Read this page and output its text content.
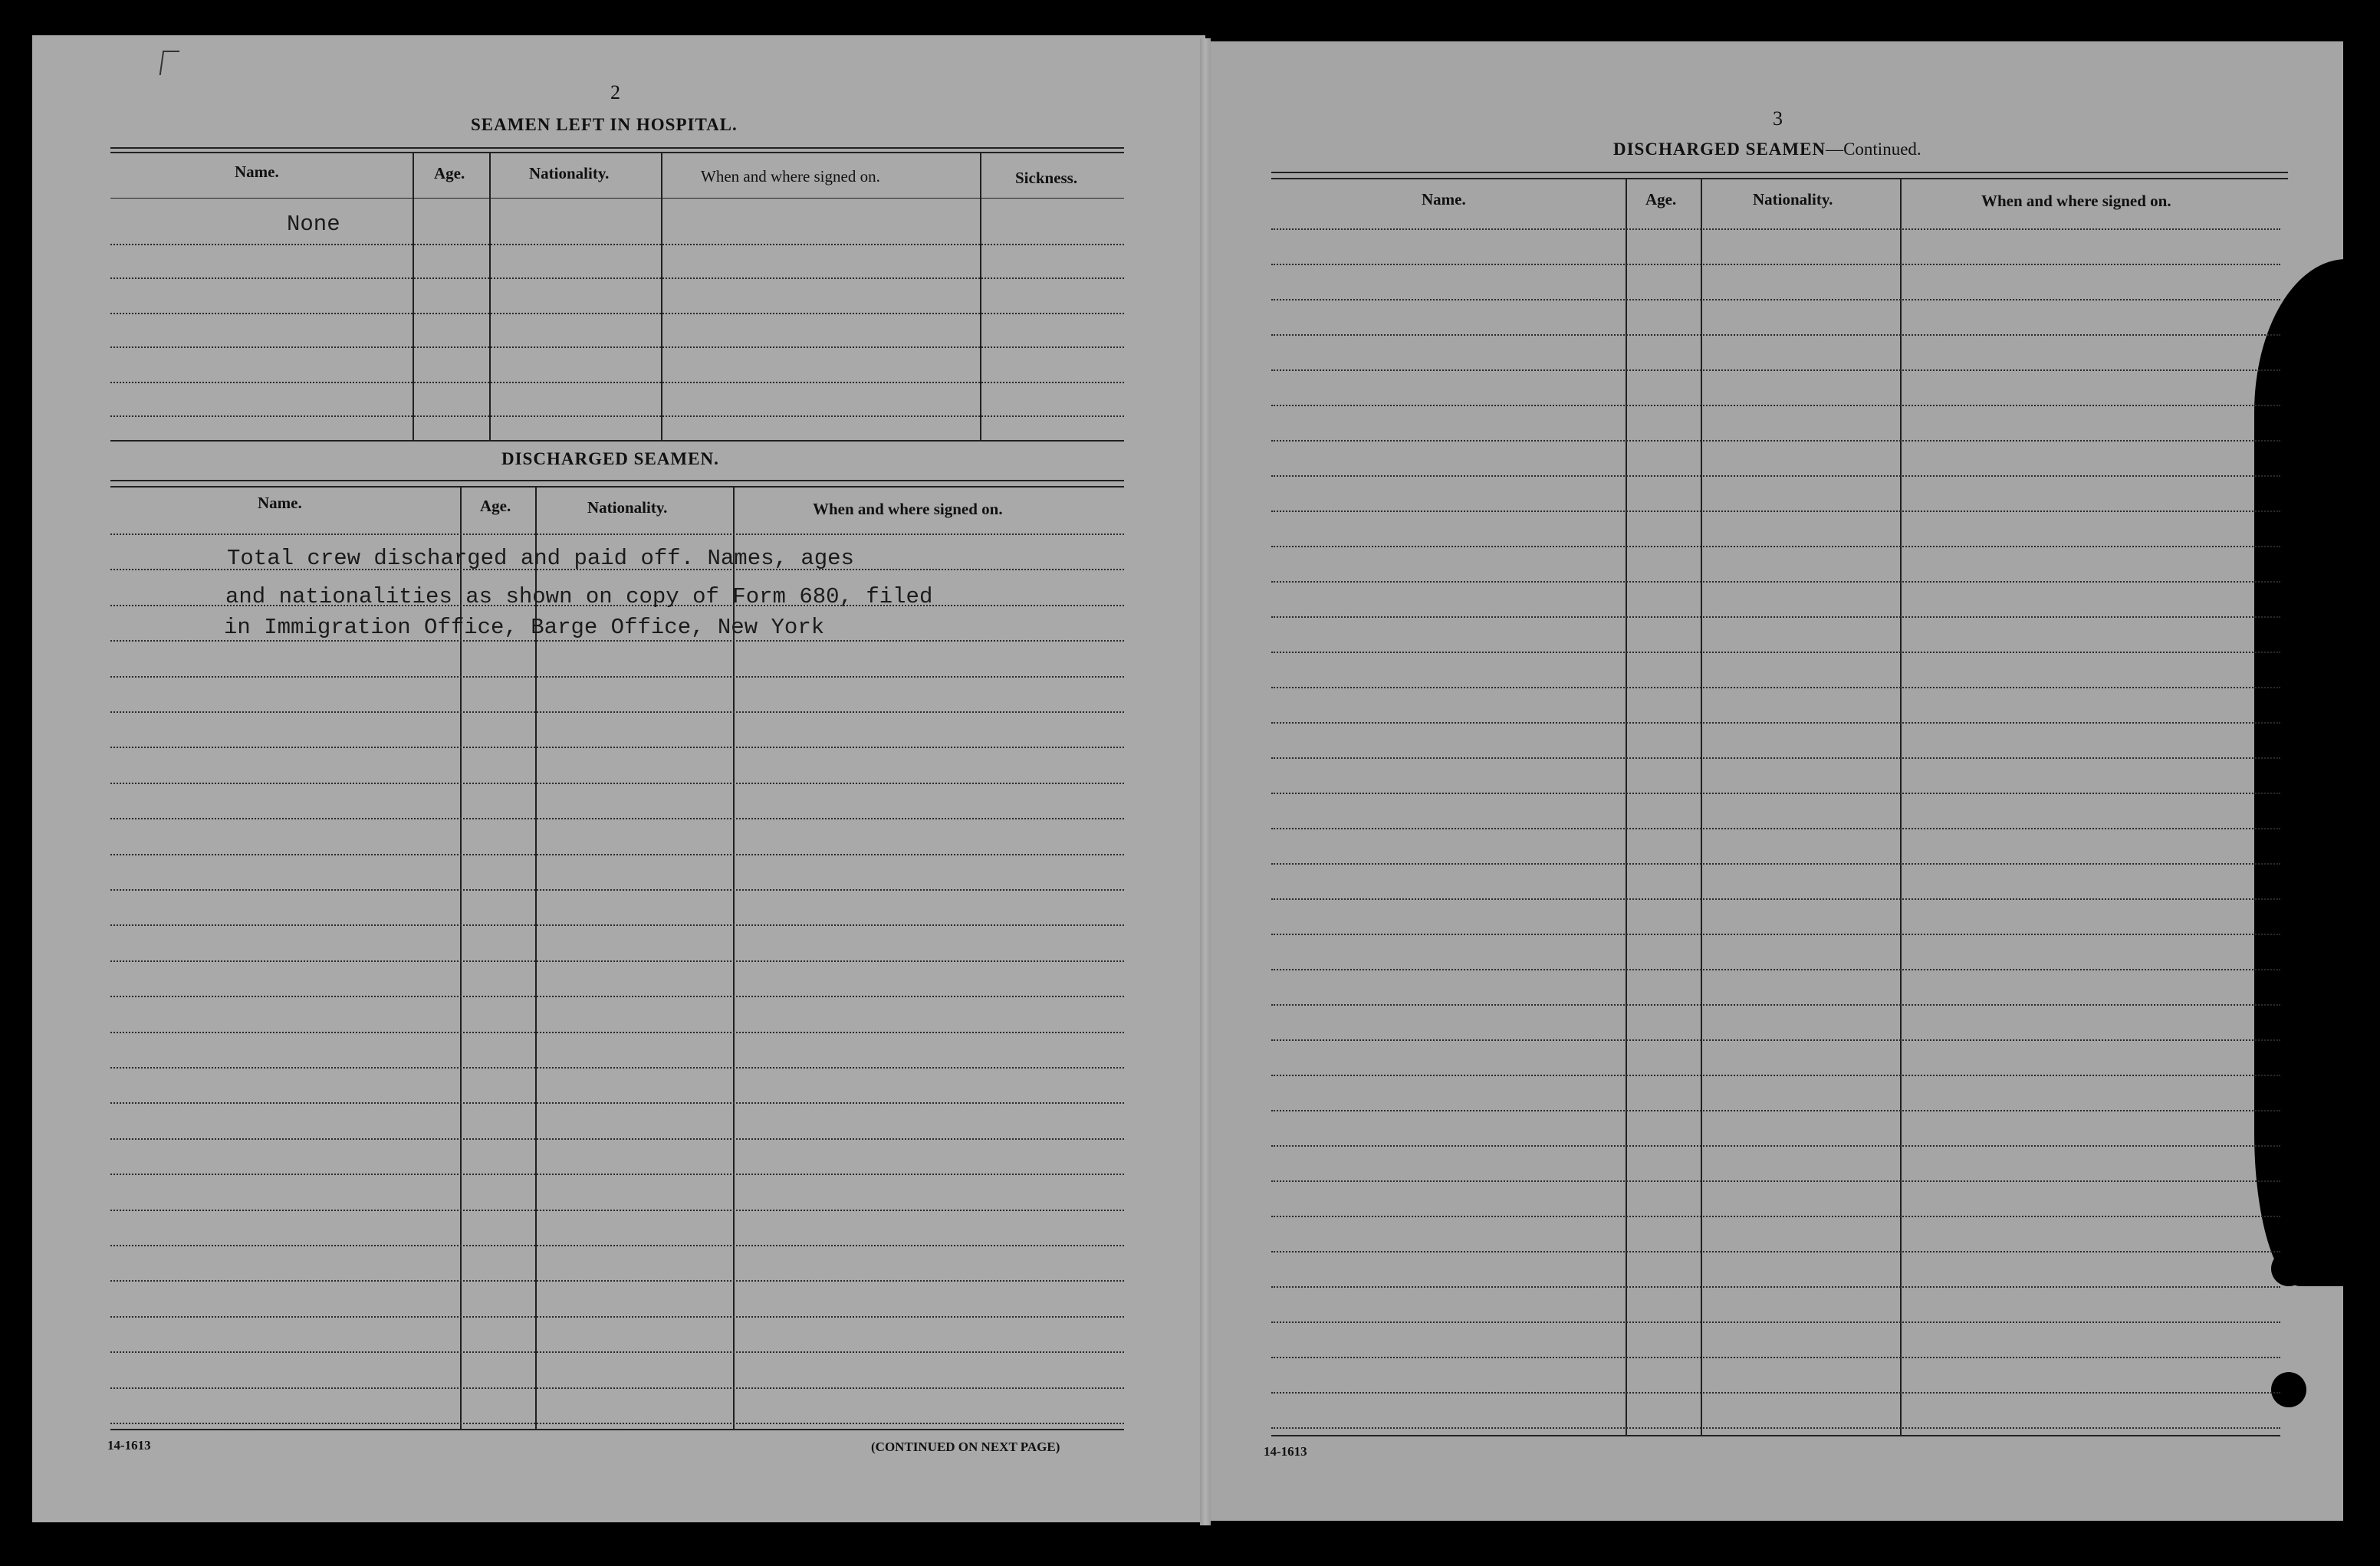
2
SEAMEN LEFT IN HOSPITAL.
Name.	Age.	Nationality.	When and where signed on.	Sickness.
None
DISCHARGED SEAMEN.
Name.	Age.	Nationality.	When and where signed on.
Total crew discharged and paid off. Names, ages
and nationalities as shown on copy of Form 680, filed
in Immigration Office, Barge Office, New York
14-1613	(CONTINUED ON NEXT PAGE)
3
DISCHARGED SEAMEN—Continued.
Name.	Age.	Nationality.	When and where signed on.
14-1613
